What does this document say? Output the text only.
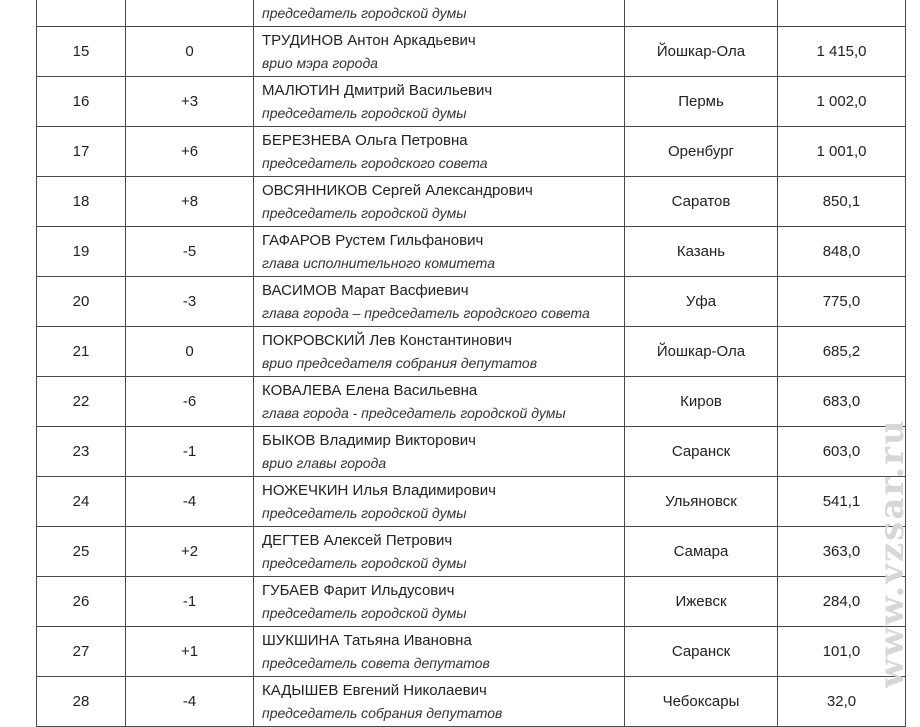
		председатель городской думы		

15	0	ТРУДИНОВ Антон Аркадьевич
врио мэра города	Йошкар-Ола	1 415,0
16	+3	МАЛЮТИН Дмитрий Васильевич
председатель городской думы	Пермь	1 002,0
17	+6	БЕРЕЗНЕВА Ольга Петровна
председатель городского совета	Оренбург	1 001,0
18	+8	ОВСЯННИКОВ Сергей Александрович
председатель городской думы	Саратов	850,1
19	-5	ГАФАРОВ Рустем Гильфанович
глава исполнительного комитета	Казань	848,0
20	-3	ВАСИМОВ Марат Васфиевич
глава города – председатель городского совета	Уфа	775,0
21	0	ПОКРОВСКИЙ Лев Константинович
врио председателя собрания депутатов	Йошкар-Ола	685,2
22	-6	КОВАЛЕВА Елена Васильевна
глава города - председатель городской думы	Киров	683,0
23	-1	БЫКОВ Владимир Викторович
врио главы города	Саранск	603,0
24	-4	НОЖЕЧКИН Илья Владимирович
председатель городской думы	Ульяновск	541,1
25	+2	ДЕГТЕВ Алексей Петрович
председатель городской думы	Самара	363,0
26	-1	ГУБАЕВ Фарит Ильдусович
председатель городской думы	Ижевск	284,0
27	+1	ШУКШИНА Татьяна Ивановна
председатель совета депутатов	Саранск	101,0
28	-4	КАДЫШЕВ Евгений Николаевич
председатель собрания депутатов	Чебоксары	32,0
www.vzsar.ru
